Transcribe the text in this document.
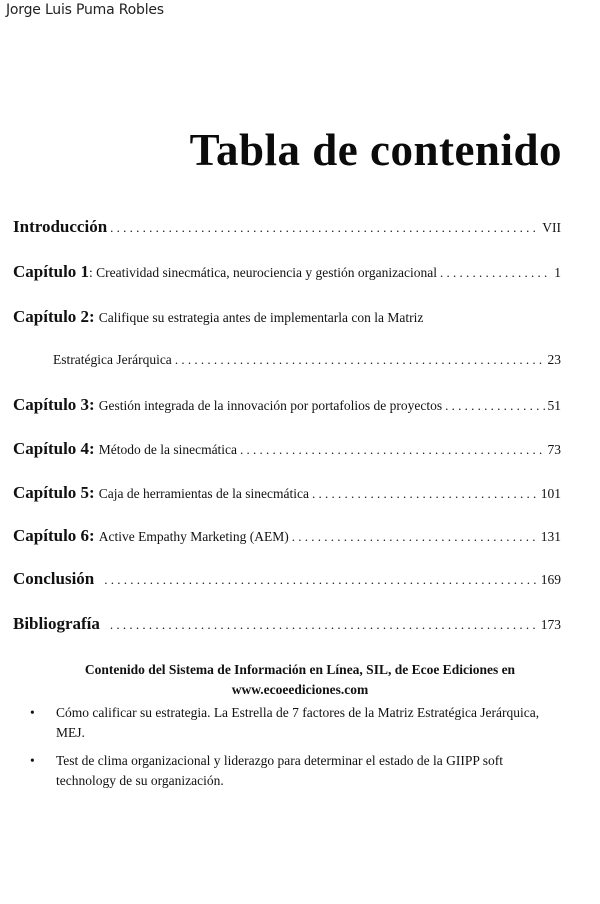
Jorge Luis Puma Robles
Tabla de contenido
Introducción . . .	VII
Capítulo 1 : Creatividad sinecmática, neurociencia y gestión organizacional . . .	1
Capítulo 2: Califique su estrategia antes de implementarla con la Matriz
Estratégica Jerárquica . . .	23
Capítulo 3: Gestión integrada de la innovación por portafolios de proyectos . . .	51
Capítulo 4: Método de la sinecmática . . .	73
Capítulo 5: Caja de herramientas de la sinecmática . . .	101
Capítulo 6: Active Empathy Marketing (AEM) . . .	131
Conclusión . . .	169
Bibliografía . . .	173
Contenido del Sistema de Información en Línea, SIL, de Ecoe Ediciones en
www.ecoeediciones.com
•	Cómo calificar su estrategia. La Estrella de 7 factores de la Matriz Estratégica Jerárquica, MEJ.
•	Test de clima organizacional y liderazgo para determinar el estado de la GIIPP soft technology de su organización.
